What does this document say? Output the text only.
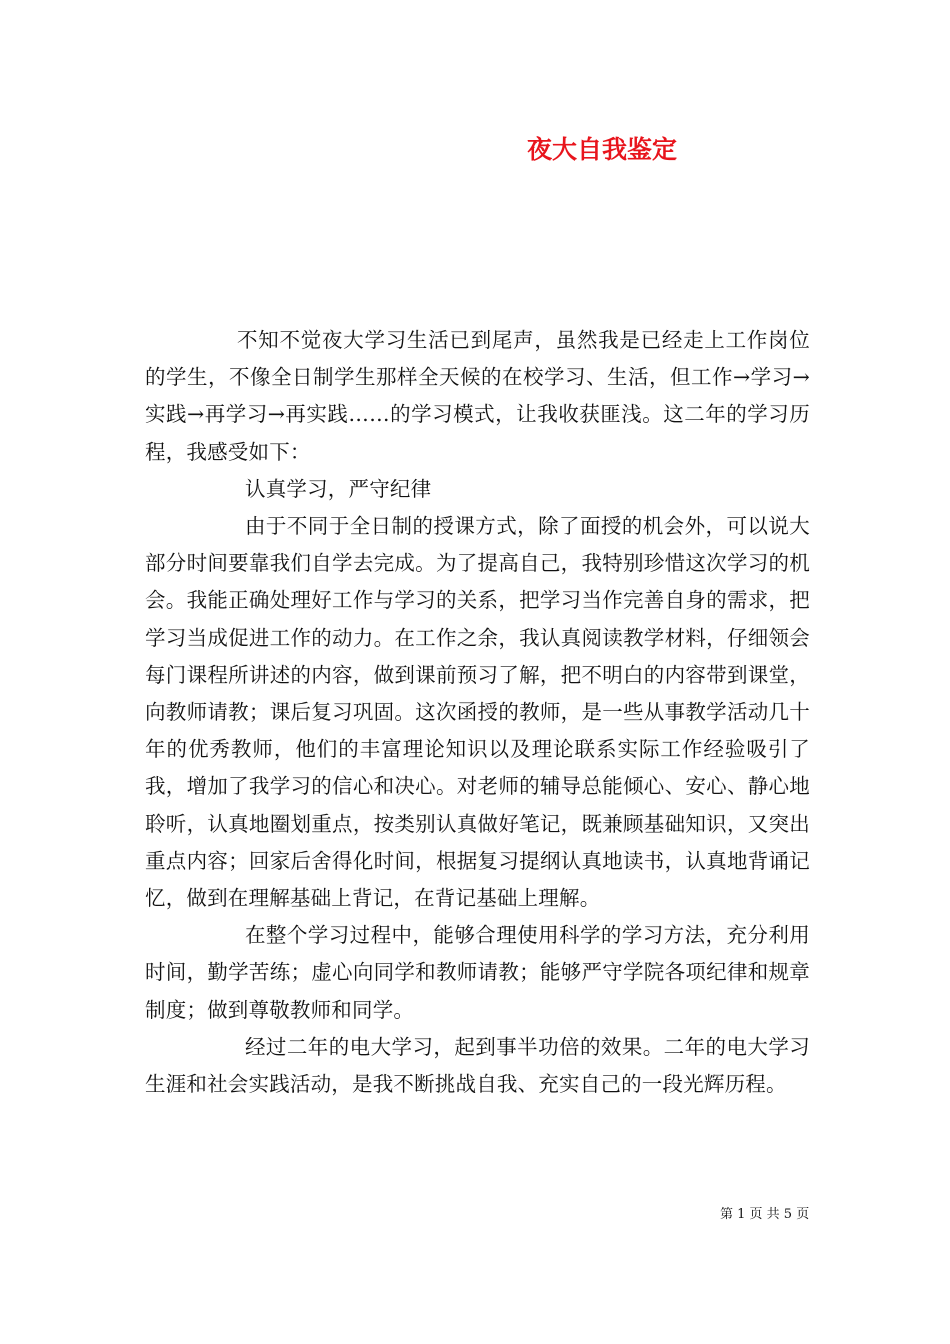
夜大自我鉴定

不知不觉夜大学习生活已到尾声，虽然我是已经走上工作岗位的学生，不像全日制学生那样全天候的在校学习、生活，但工作→学习→实践→再学习→再实践……的学习模式，让我收获匪浅。这二年的学习历程，我感受如下：

认真学习，严守纪律

由于不同于全日制的授课方式，除了面授的机会外，可以说大部分时间要靠我们自学去完成。为了提高自己，我特别珍惜这次学习的机会。我能正确处理好工作与学习的关系，把学习当作完善自身的需求，把学习当成促进工作的动力。在工作之余，我认真阅读教学材料，仔细领会每门课程所讲述的内容，做到课前预习了解，把不明白的内容带到课堂，向教师请教；课后复习巩固。这次函授的教师，是一些从事教学活动几十年的优秀教师，他们的丰富理论知识以及理论联系实际工作经验吸引了我，增加了我学习的信心和决心。对老师的辅导总能倾心、安心、静心地聆听，认真地圈划重点，按类别认真做好笔记，既兼顾基础知识，又突出重点内容；回家后舍得化时间，根据复习提纲认真地读书，认真地背诵记忆，做到在理解基础上背记，在背记基础上理解。

在整个学习过程中，能够合理使用科学的学习方法，充分利用时间，勤学苦练；虚心向同学和教师请教；能够严守学院各项纪律和规章制度；做到尊敬教师和同学。

经过二年的电大学习，起到事半功倍的效果。二年的电大学习生涯和社会实践活动，是我不断挑战自我、充实自己的一段光辉历程。

第 1 页 共 5 页
